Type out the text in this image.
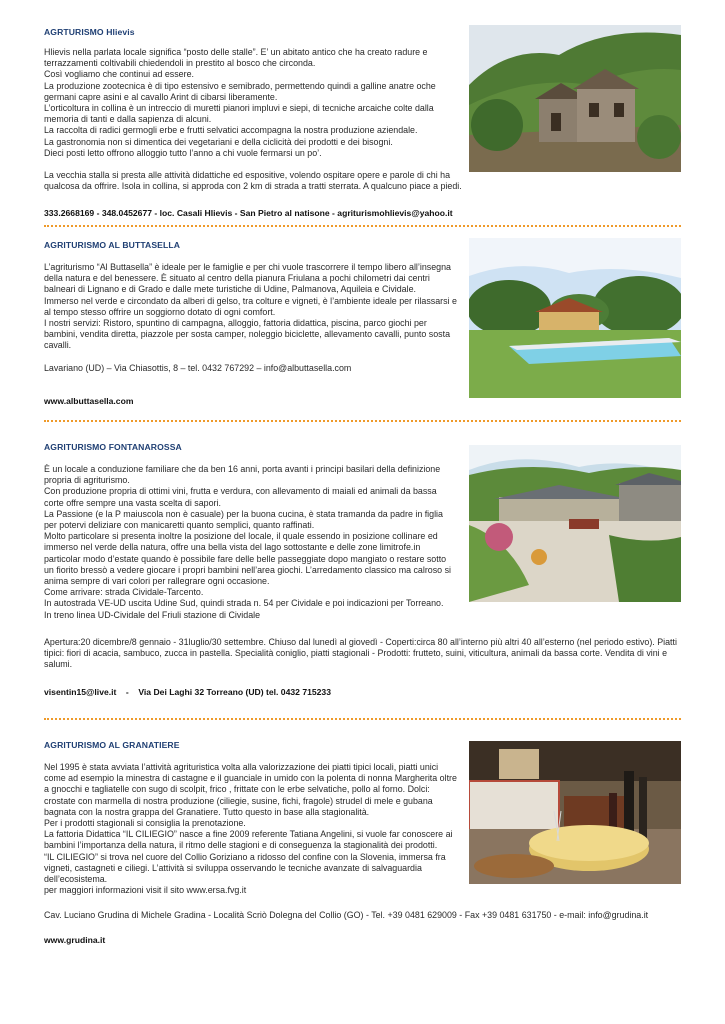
AGRTURISMO Hlievis

Hlievis nella parlata locale significa “posto delle stalle”. E’ un abitato antico che ha creato radure e terrazzamenti coltivabili chiedendoli in prestito al bosco che circonda.

Così vogliamo che continui ad essere.

La produzione zootecnica è di tipo estensivo e semibrado, permettendo quindi a galline anatre oche germani capre asini e al cavallo Arint di cibarsi liberamente.

L’orticoltura in collina è un intreccio di muretti pianori impluvi e siepi, di tecniche arcaiche colte dalla memoria di tanti e dalla sapienza di alcuni.

La raccolta di radici germogli erbe e frutti selvatici accompagna la nostra produzione aziendale.

La gastronomia non si dimentica dei vegetariani e della ciclicità dei prodotti e dei bisogni.

Dieci posti letto offrono alloggio tutto l’anno a chi vuole fermarsi un po’.

La vecchia stalla si presta alle attività didattiche ed espositive, volendo ospitare opere e parole di chi ha qualcosa da offrire. Isola in collina, si approda con 2 km di strada a tratti sterrata. A qualcuno piace a piedi.

333.2668169 - 348.0452677 - loc. Casali Hlievis - San Pietro al natisone - agriturismohlievis@yahoo.it
AGRITURISMO AL BUTTASELLA

L’agriturismo “Al Buttasella” è ideale per le famiglie e per chi vuole trascorrere il tempo libero all’insegna della natura e del benessere. È situato al centro della pianura Friulana a pochi chilometri dai centri balneari di Lignano e di Grado e dalle mete turistiche di Udine, Palmanova, Aquileia e Cividale.

Immerso nel verde e circondato da alberi di gelso, tra colture e vigneti, è l’ambiente ideale per rilassarsi e al tempo stesso offrire un soggiorno dotato di ogni comfort.

I nostri servizi: Ristoro, spuntino di campagna, alloggio, fattoria didattica, piscina, parco giochi per bambini, vendita diretta, piazzole per sosta camper, noleggio biciclette, allevamento cavalli, punto sosta cavalli.

Lavariano (UD) – Via Chiasottis, 8 – tel. 0432 767292 – info@albuttasella.com

www.albuttasella.com
AGRITURISMO FONTANAROSSA

È un locale a conduzione familiare che da ben 16 anni, porta avanti i principi basilari della definizione propria di agriturismo.

Con produzione propria di ottimi vini, frutta e verdura, con allevamento di maiali ed animali da bassa corte offre sempre una vasta scelta di sapori.

La Passione (e la P maiuscola non è casuale) per la buona cucina, è stata tramanda da padre in figlia per potervi deliziare con manicaretti quanto semplici, quanto raffinati.

Molto particolare si presenta inoltre la posizione del locale, il quale essendo in posizione collinare ed immerso nel verde della natura, offre una bella vista del lago sottostante e delle zone limitrofe.in particolar modo d’estate quando è possibile fare delle belle passeggiate dopo mangiato o restare sotto un fiorito bressò a vedere giocare i propri bambini nell’area giochi. L’arredamento classico ma calroso si anima sempre di vari colori per rallegrare ogni occasione.

Come arrivare: strada Cividale-Tarcento.

In autostrada VE-UD uscita Udine Sud, quindi strada n. 54 per Cividale e poi indicazioni per Torreano.

In treno linea UD-Cividale del Friuli stazione di Cividale

Apertura:20 dicembre/8 gennaio - 31luglio/30 settembre. Chiuso dal lunedì al giovedì - Coperti:circa 80 all’interno più altri 40 all’esterno (nel periodo estivo). Piatti tipici: fiori di acacia, sambuco, zucca in pastella. Specialità coniglio, piatti stagionali - Prodotti: frutteto, suini, viticultura, animali da bassa corte. Vendita di vini e salumi.

visentin15@live.it    -    Via Dei Laghi 32 Torreano (UD) tel. 0432 715233
AGRITURISMO AL GRANATIERE

Nel 1995 è stata avviata l’attività agrituristica volta alla valorizzazione dei piatti tipici locali, piatti unici come ad esempio la minestra di castagne e il guanciale in umido con la polenta di nonna Margherita oltre a gnocchi e tagliatelle con sugo di scolpit, frico , frittate con le erbe selvatiche, pollo al forno. Dolci: crostate con marmella di nostra produzione (ciliegie, susine, fichi, fragole) strudel di mele e gubana bagnata con la nostra grappa del Granatiere. Tutto questo in base alla stagionalità.

Per i prodotti stagionali si consiglia la prenotazione.

La fattoria Didattica “IL CILIEGIO” nasce a fine 2009 referente Tatiana Angelini, si vuole far conoscere ai bambini l’importanza della natura, il ritmo delle stagioni e di conseguenza la stagionalità dei prodotti.

“IL CILIEGIO” si trova nel cuore del Collio Goriziano a ridosso del confine con la Slovenia, immersa fra vigneti, castagneti e ciliegi. L’attività si sviluppa osservando le tecniche avanzate di salvaguardia dell’ecosistema.

per maggiori informazioni visit il sito www.ersa.fvg.it

Cav. Luciano Grudina di Michele Gradina - Località Scriò Dolegna del Collio (GO) - Tel. +39 0481 629009 - Fax +39 0481 631750 - e-mail: info@grudina.it
www.grudina.it
